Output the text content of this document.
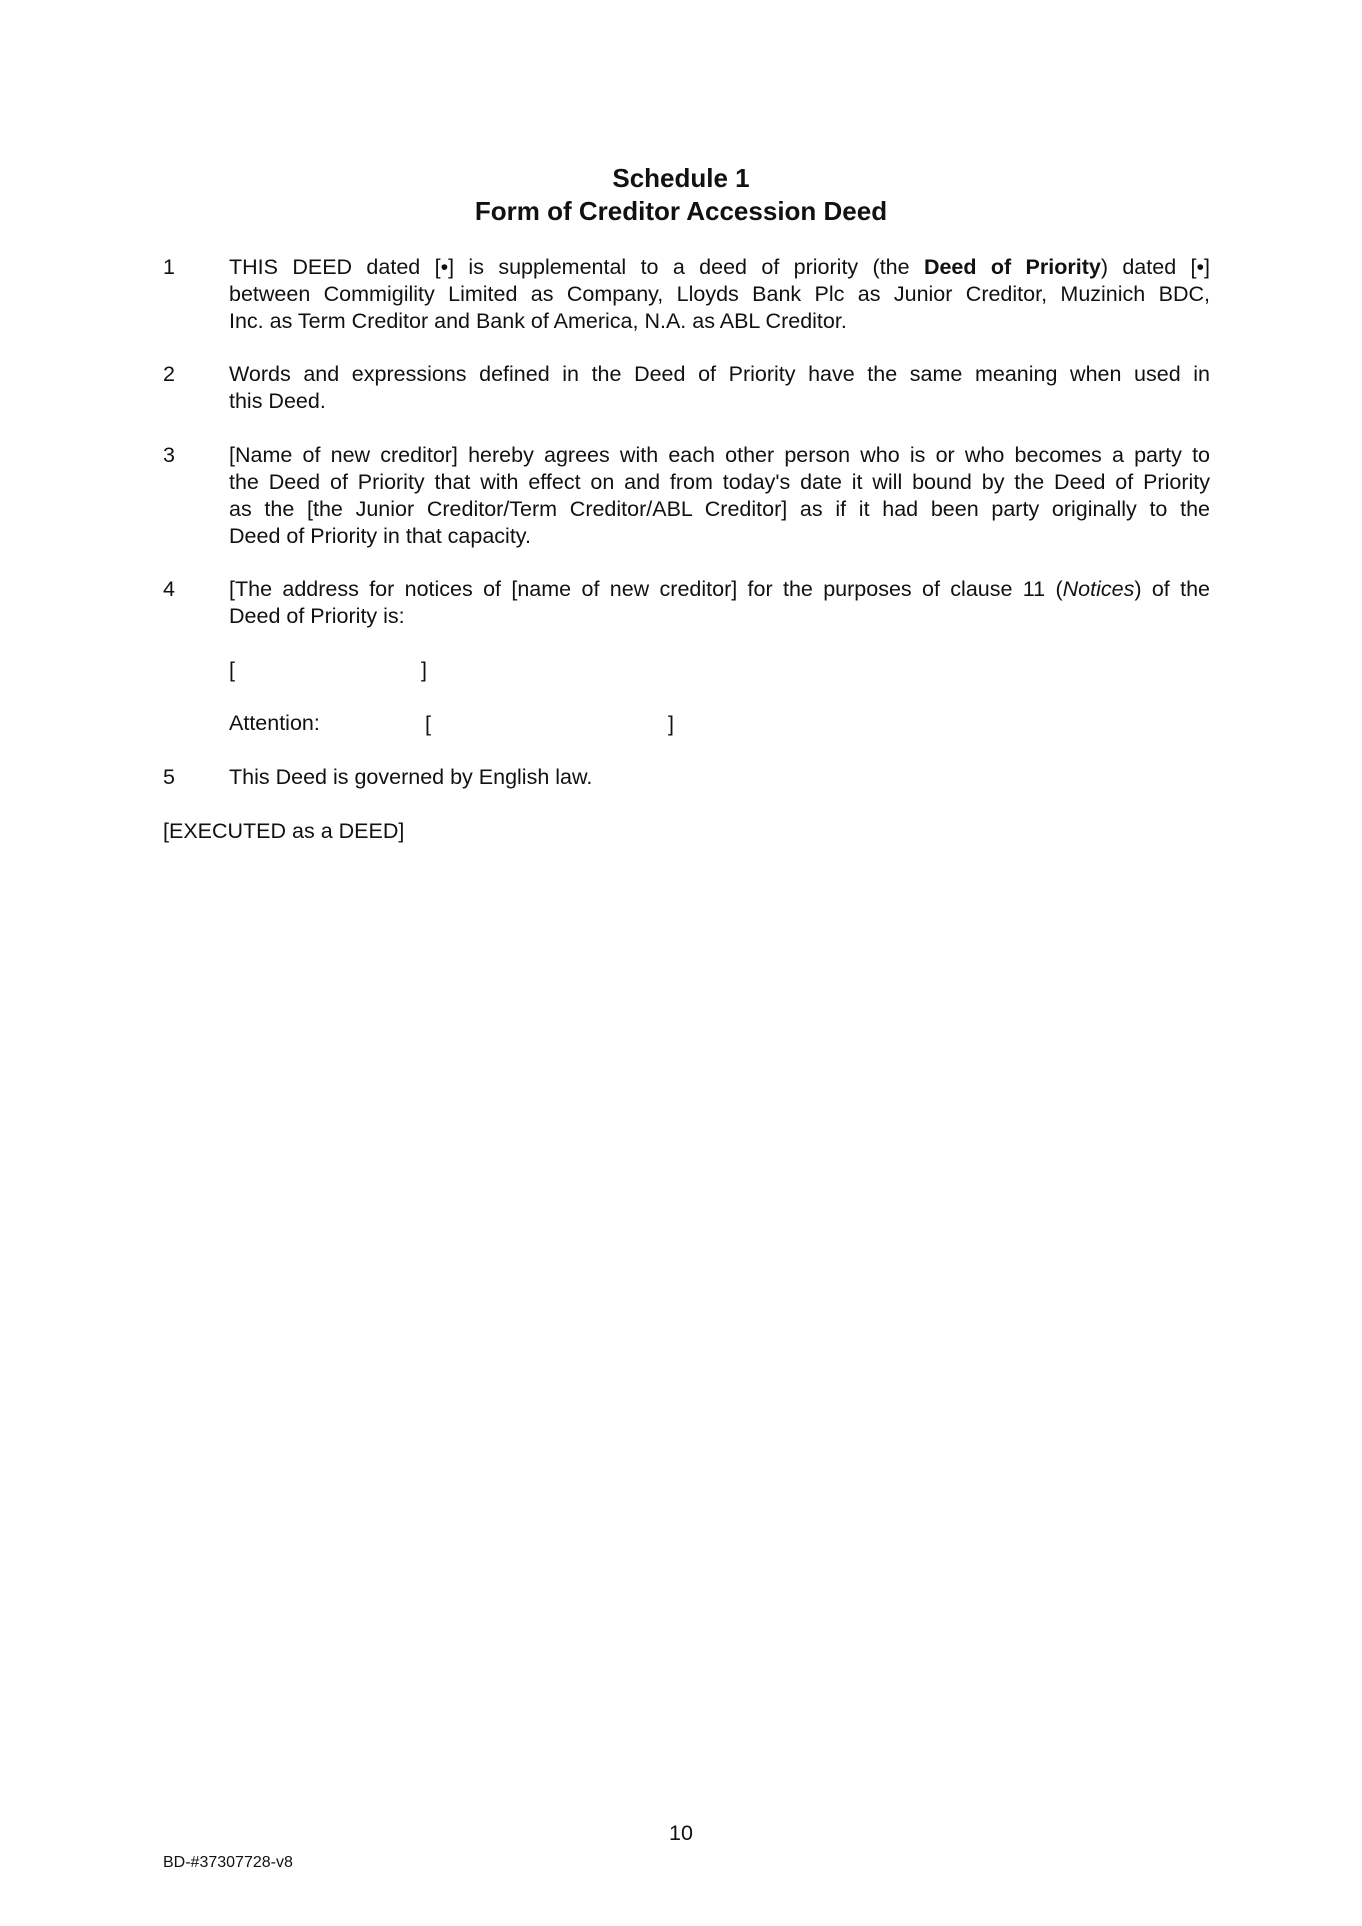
Schedule 1
Form of Creditor Accession Deed
1	THIS DEED dated [•] is supplemental to a deed of priority (the Deed of Priority) dated [•]
between Commigility Limited as Company, Lloyds Bank Plc as Junior Creditor, Muzinich BDC,
Inc. as Term Creditor and Bank of America, N.A. as ABL Creditor.
2	Words and expressions defined in the Deed of Priority have the same meaning when used in
this Deed.
3	[Name of new creditor] hereby agrees with each other person who is or who becomes a party to
the Deed of Priority that with effect on and from today's date it will bound by the Deed of Priority
as the [the Junior Creditor/Term Creditor/ABL Creditor] as if it had been party originally to the
Deed of Priority in that capacity.
4	[The address for notices of [name of new creditor] for the purposes of clause 11 (Notices) of the
Deed of Priority is:
[	]
Attention:	[	]
5	This Deed is governed by English law.
[EXECUTED as a DEED]
10
BD-#37307728-v8
